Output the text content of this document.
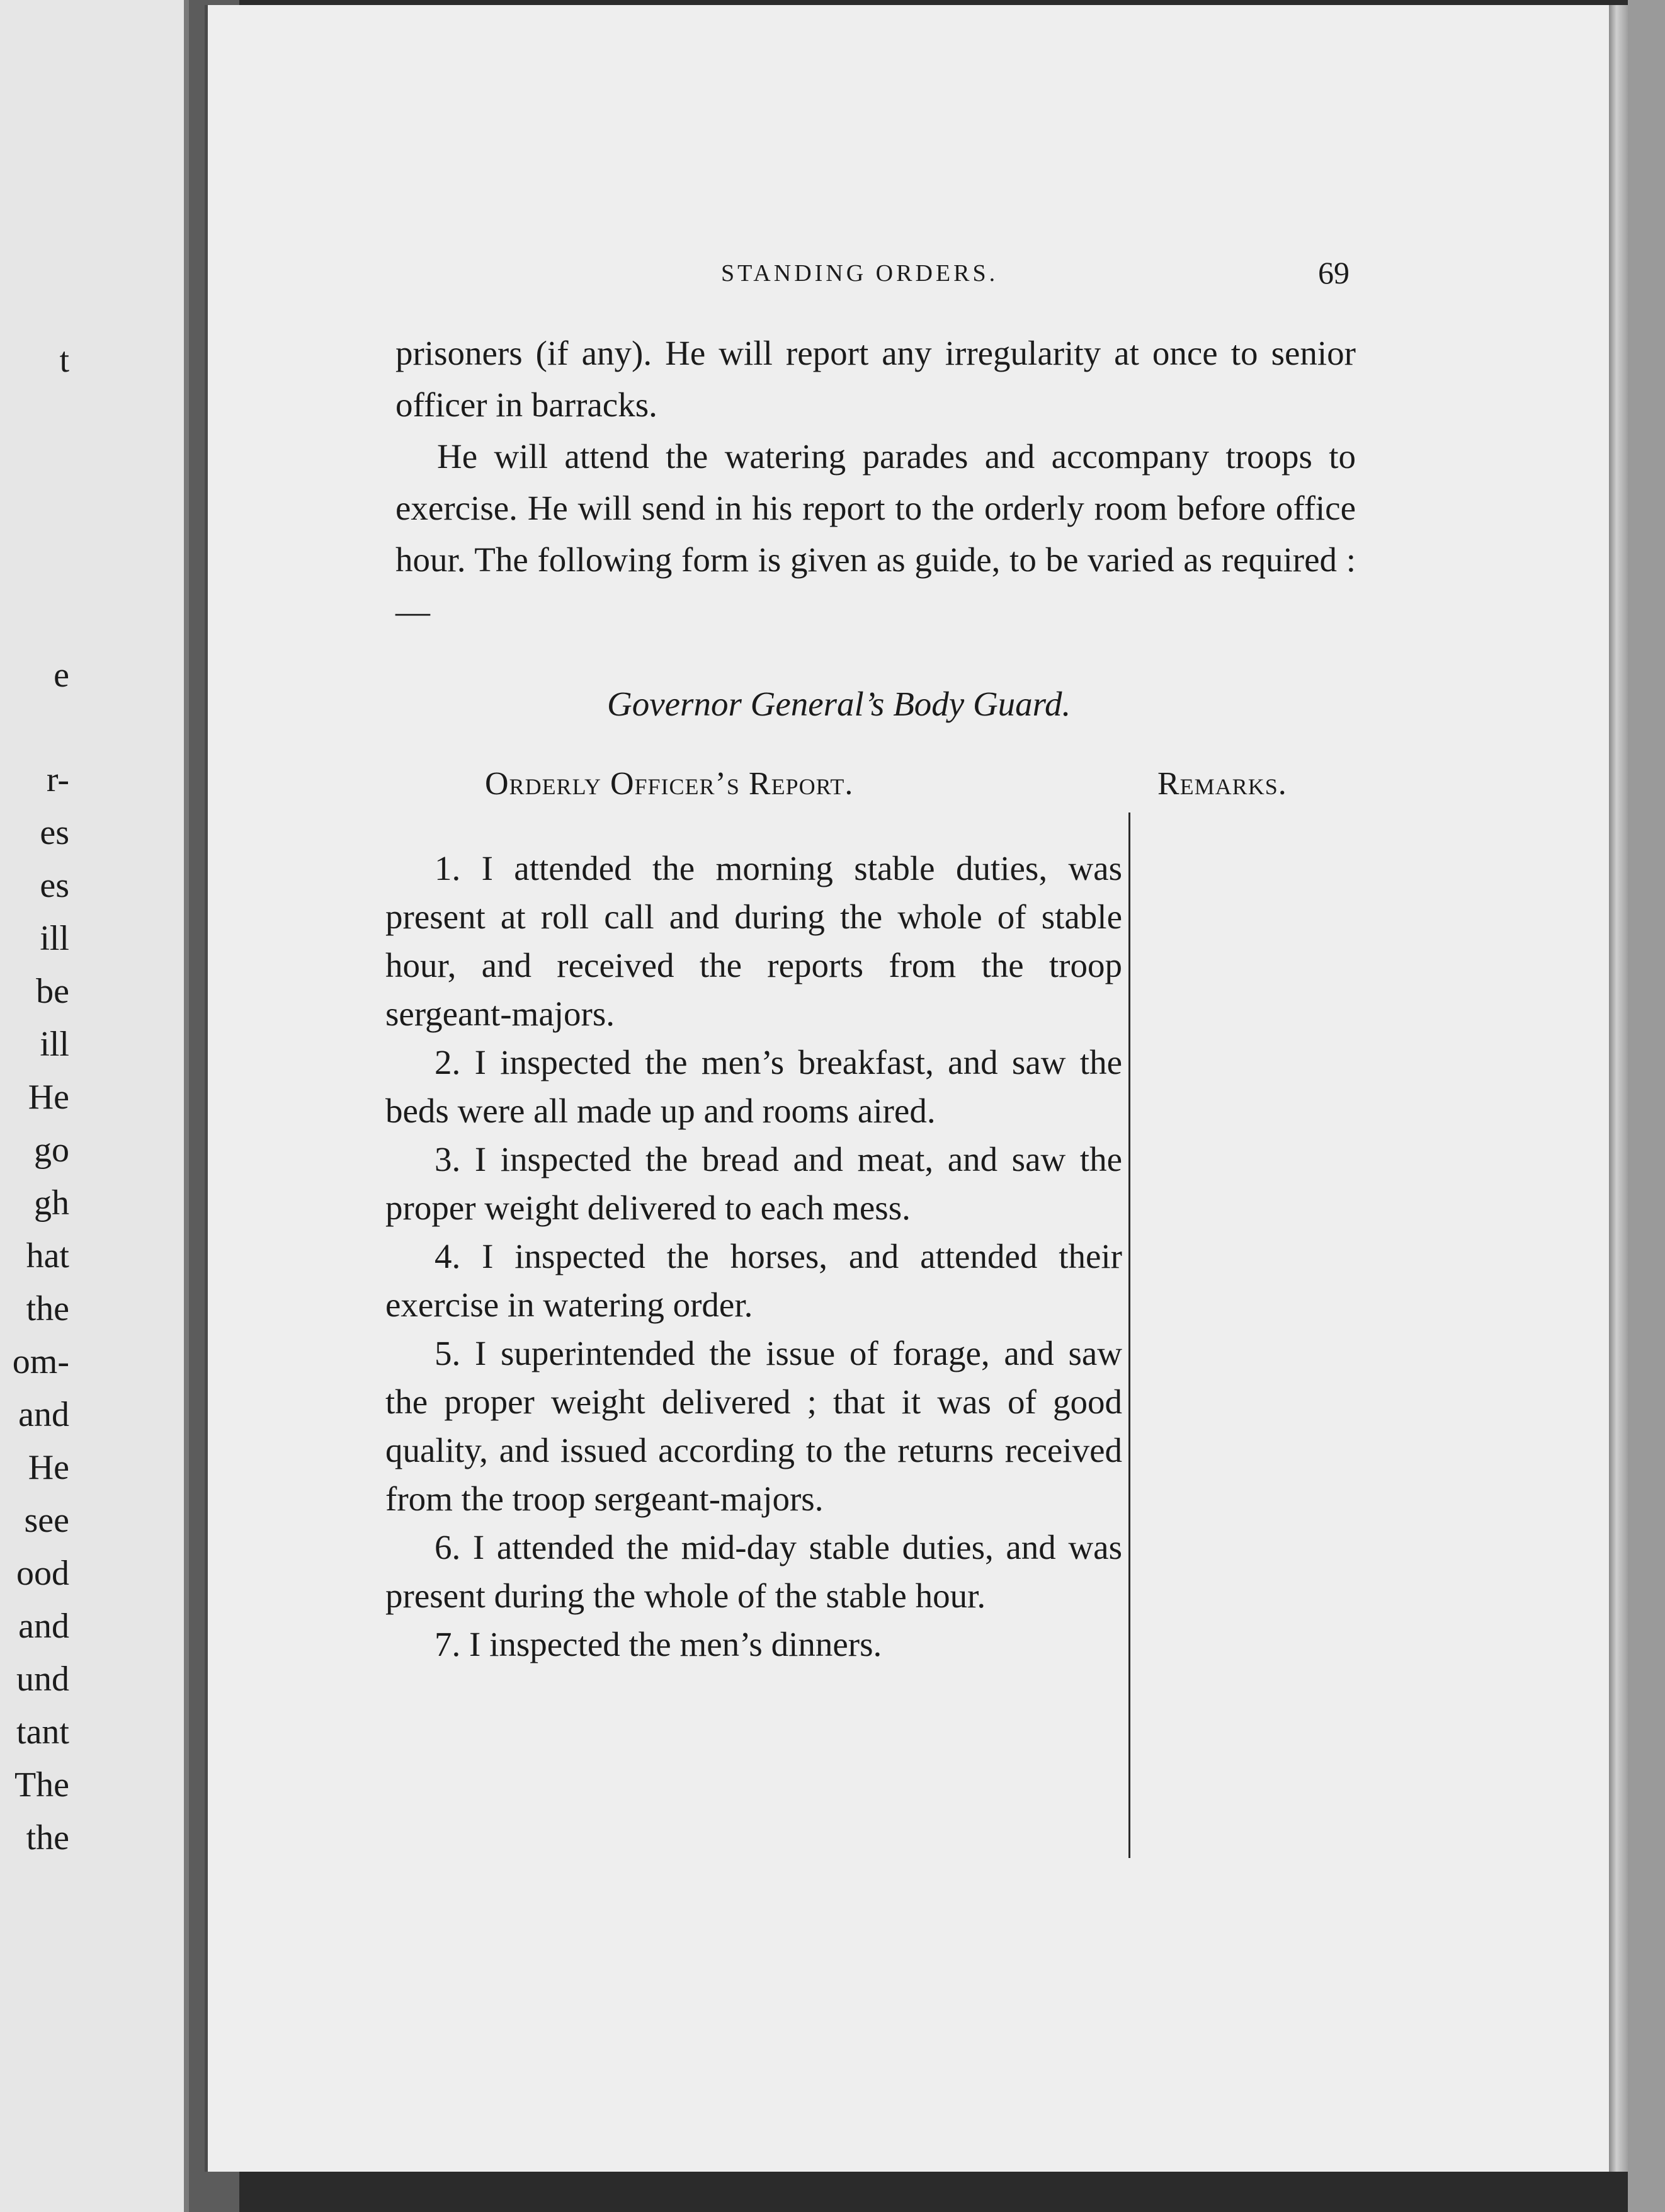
t
e
r-
es
es
ill
be
ill
He
go
gh
hat
the
om-
and
He
see
ood
and
und
tant
The
the
STANDING ORDERS.	69

prisoners (if any). He will report any irregularity at once to senior officer in barracks.

He will attend the watering parades and accompany troops to exercise. He will send in his report to the orderly room before office hour. The following form is given as guide, to be varied as required :—

Governor General’s Body Guard.
Orderly Officer’s Report.	Remarks.
1. I attended the morning stable duties, was present at roll call and during the whole of stable hour, and received the reports from the troop sergeant-majors.
2. I inspected the men’s breakfast, and saw the beds were all made up and rooms aired.
3. I inspected the bread and meat, and saw the proper weight delivered to each mess.
4. I inspected the horses, and attended their exercise in watering order.
5. I superintended the issue of forage, and saw the proper weight delivered ; that it was of good quality, and issued according to the returns received from the troop sergeant-majors.
6. I attended the mid-day stable duties, and was present during the whole of the stable hour.
7. I inspected the men’s dinners.
